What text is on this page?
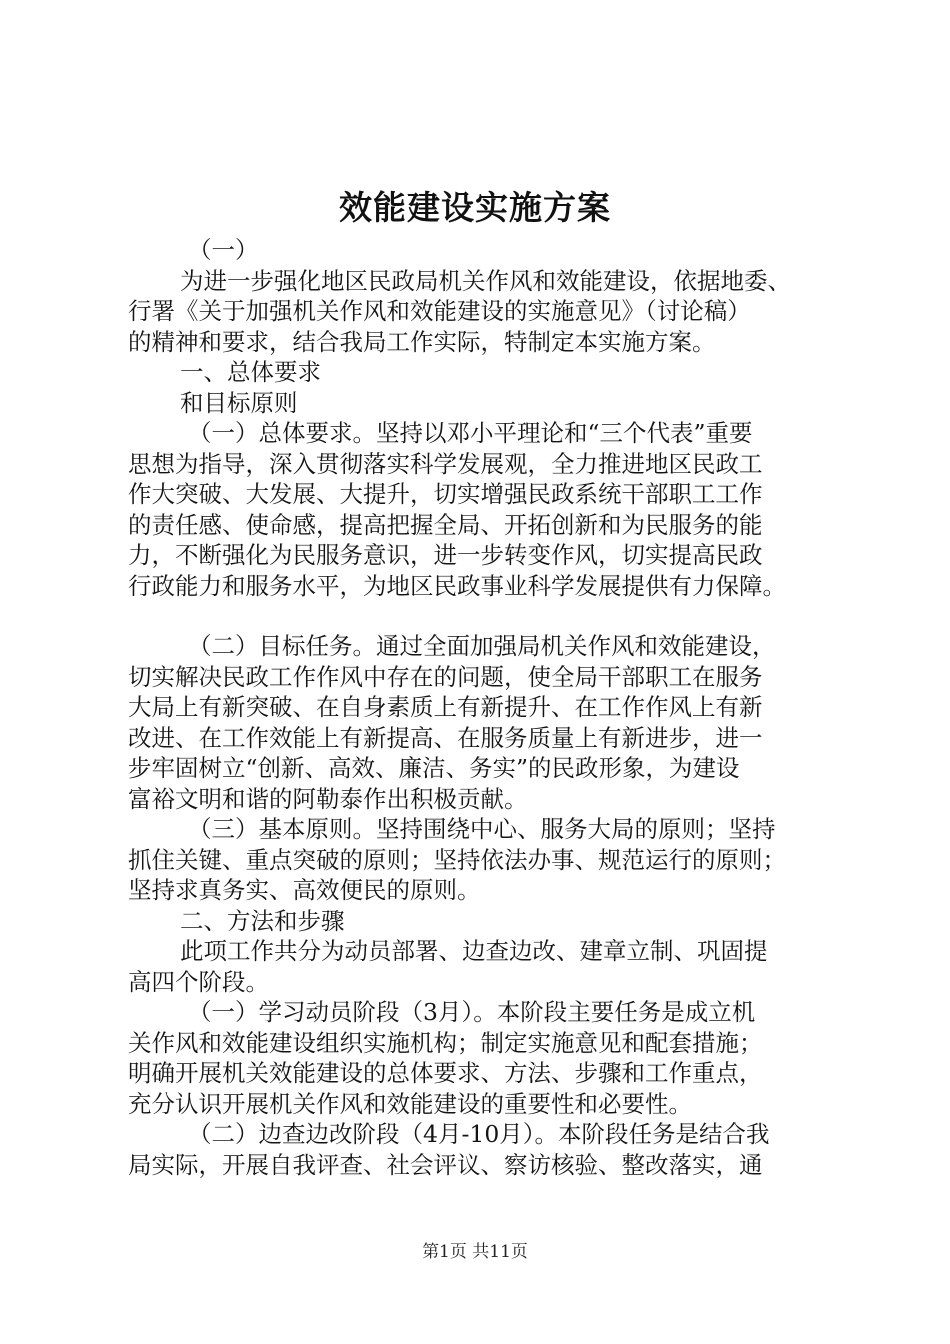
效能建设实施方案
（一）
为进一步强化地区民政局机关作风和效能建设，依据地委、
行署《关于加强机关作风和效能建设的实施意见》（讨论稿）
的精神和要求，结合我局工作实际，特制定本实施方案。
一、总体要求
和目标原则
（一）总体要求。坚持以邓小平理论和“三个代表”重要
思想为指导，深入贯彻落实科学发展观，全力推进地区民政工
作大突破、大发展、大提升，切实增强民政系统干部职工工作
的责任感、使命感，提高把握全局、开拓创新和为民服务的能
力，不断强化为民服务意识，进一步转变作风，切实提高民政
行政能力和服务水平，为地区民政事业科学发展提供有力保障。
（二）目标任务。通过全面加强局机关作风和效能建设，
切实解决民政工作作风中存在的问题，使全局干部职工在服务
大局上有新突破、在自身素质上有新提升、在工作作风上有新
改进、在工作效能上有新提高、在服务质量上有新进步，进一
步牢固树立“创新、高效、廉洁、务实”的民政形象，为建设
富裕文明和谐的阿勒泰作出积极贡献。
（三）基本原则。坚持围绕中心、服务大局的原则；坚持
抓住关键、重点突破的原则；坚持依法办事、规范运行的原则；
坚持求真务实、高效便民的原则。
二、方法和步骤
此项工作共分为动员部署、边查边改、建章立制、巩固提
高四个阶段。
（一）学习动员阶段（3月）。本阶段主要任务是成立机
关作风和效能建设组织实施机构；制定实施意见和配套措施；
明确开展机关效能建设的总体要求、方法、步骤和工作重点，
充分认识开展机关作风和效能建设的重要性和必要性。
（二）边查边改阶段（4月-10月）。本阶段任务是结合我
局实际，开展自我评查、社会评议、察访核验、整改落实，通
第1页 共11页
